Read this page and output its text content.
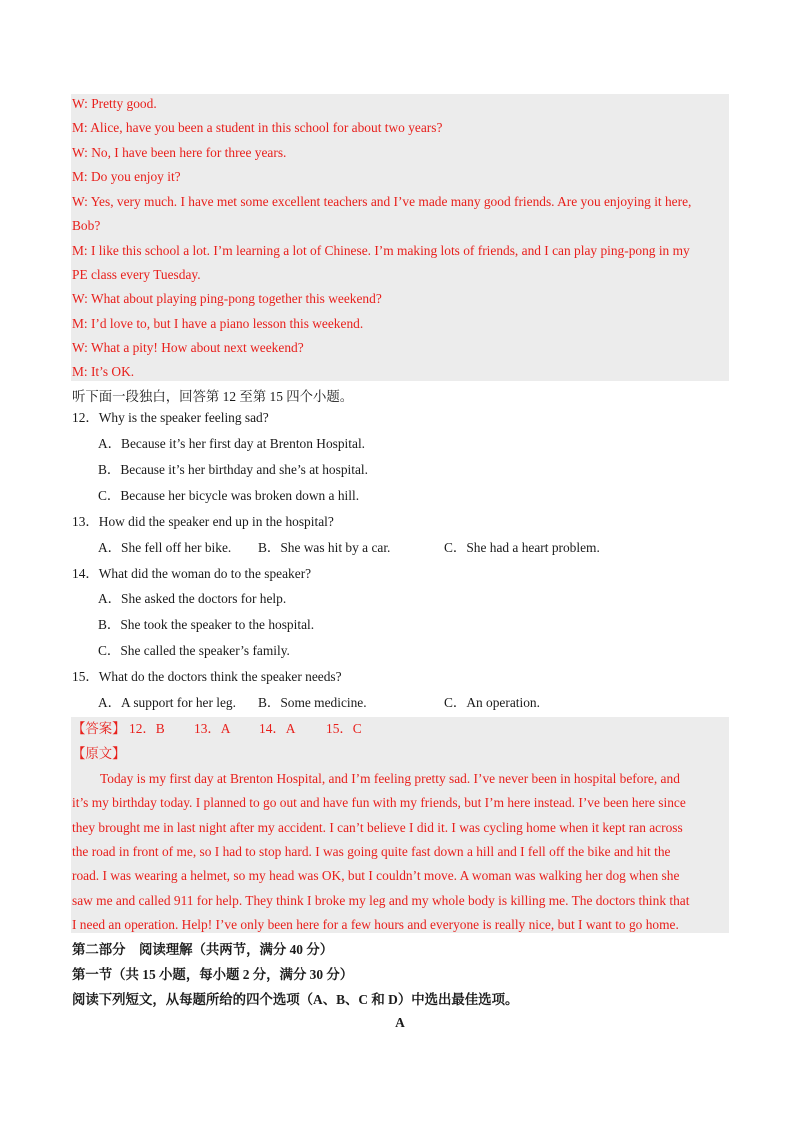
W: Pretty good.
M: Alice, have you been a student in this school for about two years?
W: No, I have been here for three years.
M: Do you enjoy it?
W: Yes, very much. I have met some excellent teachers and I’ve made many good friends. Are you enjoying it here,
Bob?
M: I like this school a lot. I’m learning a lot of Chinese. I’m making lots of friends, and I can play ping-pong in my
PE class every Tuesday.
W: What about playing ping-pong together this weekend?
M: I’d love to, but I have a piano lesson this weekend.
W: What a pity! How about next weekend?
M: It’s OK.
听下面一段独白，回答第 12 至第 15 四个小题。
12．Why is the speaker feeling sad?
A．Because it’s her first day at Brenton Hospital.
B．Because it’s her birthday and she’s at hospital.
C．Because her bicycle was broken down a hill.
13．How did the speaker end up in the hospital?
A．She fell off her bike. B．She was hit by a car.	C．She had a heart problem.
14．What did the woman do to the speaker?
A．She asked the doctors for help.
B．She took the speaker to the hospital.
C．She called the speaker’s family.
15．What do the doctors think the speaker needs?
A．A support for her leg. B．Some medicine.	C．An operation.
【答案】 12．B 13．A 14．A 15．C
【原文】
Today is my first day at Brenton Hospital, and I’m feeling pretty sad. I’ve never been in hospital before, and
it’s my birthday today. I planned to go out and have fun with my friends, but I’m here instead. I’ve been here since
they brought me in last night after my accident. I can’t believe I did it. I was cycling home when it kept ran across
the road in front of me, so I had to stop hard. I was going quite fast down a hill and I fell off the bike and hit the
road. I was wearing a helmet, so my head was OK, but I couldn’t move. A woman was walking her dog when she
saw me and called 911 for help. They think I broke my leg and my whole body is killing me. The doctors think that
I need an operation. Help! I’ve only been here for a few hours and everyone is really nice, but I want to go home.
第二部分　阅读理解（共两节，满分 40 分）
第一节（共 15 小题，每小题 2 分，满分 30 分）
阅读下列短文，从每题所给的四个选项（A、B、C 和 D）中选出最佳选项。
A
